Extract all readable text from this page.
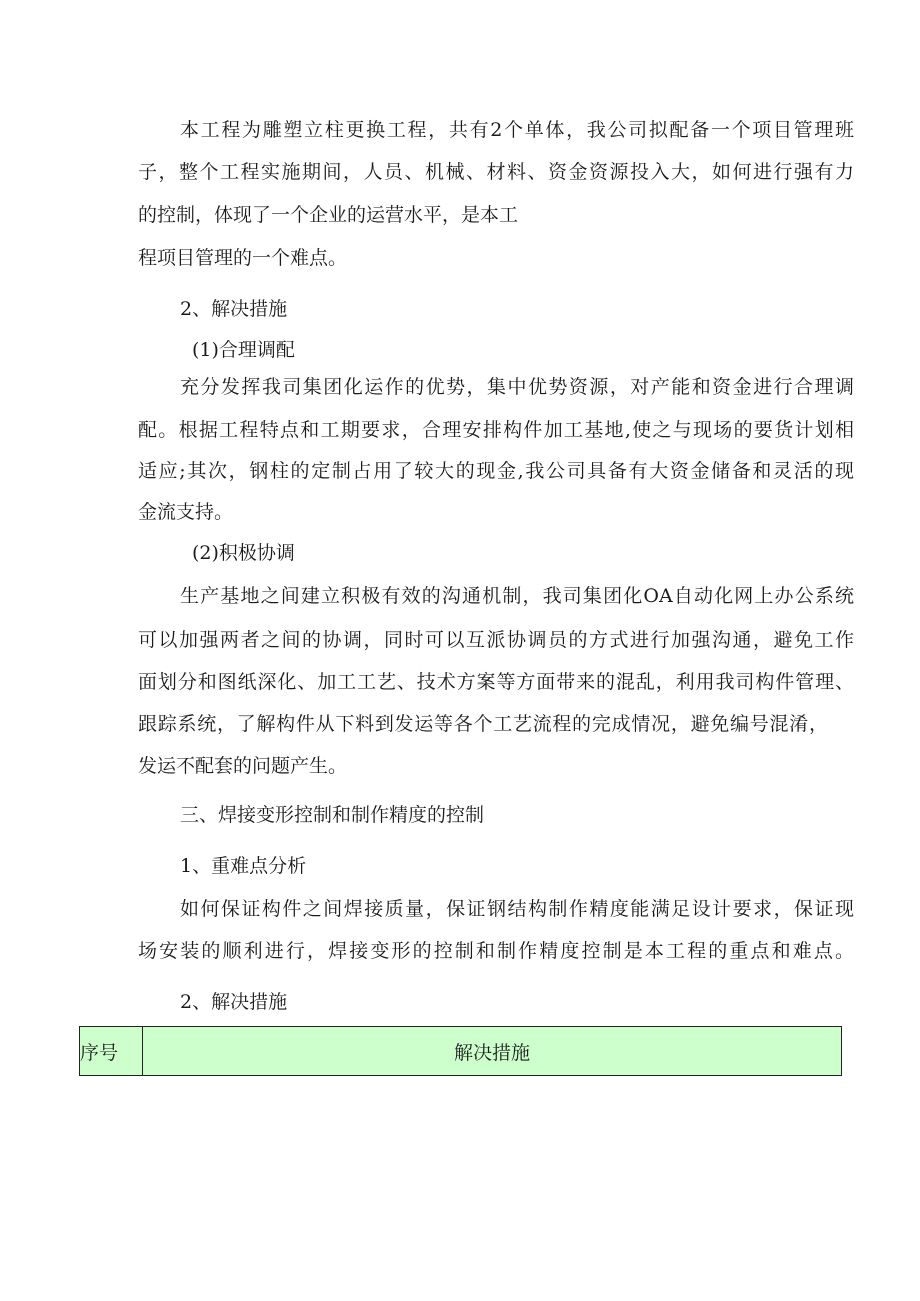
本工程为雕塑立柱更换工程，共有2个单体，我公司拟配备一个项目管理班
子，整个工程实施期间，人员、机械、材料、资金资源投入大，如何进行强有力
的控制，体现了一个企业的运营水平，是本工
程项目管理的一个难点。
2、解决措施
(1)合理调配
充分发挥我司集团化运作的优势，集中优势资源，对产能和资金进行合理调
配。根据工程特点和工期要求，合理安排构件加工基地,使之与现场的要货计划相
适应;其次，钢柱的定制占用了较大的现金,我公司具备有大资金储备和灵活的现
金流支持。
(2)积极协调
生产基地之间建立积极有效的沟通机制，我司集团化OA自动化网上办公系统
可以加强两者之间的协调，同时可以互派协调员的方式进行加强沟通，避免工作
面划分和图纸深化、加工工艺、技术方案等方面带来的混乱，利用我司构件管理、
跟踪系统，了解构件从下料到发运等各个工艺流程的完成情况，避免编号混淆，
发运不配套的问题产生。
三、焊接变形控制和制作精度的控制
1、重难点分析
如何保证构件之间焊接质量，保证钢结构制作精度能满足设计要求，保证现
场安装的顺利进行，焊接变形的控制和制作精度控制是本工程的重点和难点。
2、解决措施
序号	解决措施
